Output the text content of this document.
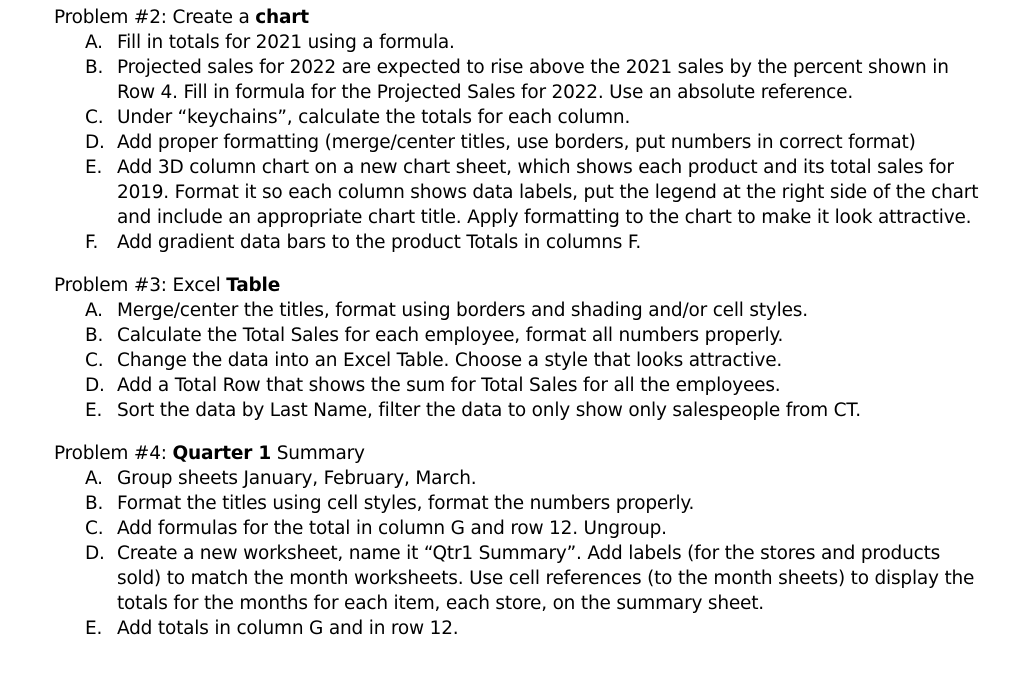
Problem #2: Create a chart
A. Fill in totals for 2021 using a formula.
B. Projected sales for 2022 are expected to rise above the 2021 sales by the percent shown in Row 4. Fill in formula for the Projected Sales for 2022. Use an absolute reference.
C. Under “keychains”, calculate the totals for each column.
D. Add proper formatting (merge/center titles, use borders, put numbers in correct format)
E. Add 3D column chart on a new chart sheet, which shows each product and its total sales for 2019. Format it so each column shows data labels, put the legend at the right side of the chart and include an appropriate chart title. Apply formatting to the chart to make it look attractive.
F.	Add gradient data bars to the product Totals in columns F.
Problem #3: Excel Table
A. Merge/center the titles, format using borders and shading and/or cell styles.
B. Calculate the Total Sales for each employee, format all numbers properly.
C. Change the data into an Excel Table. Choose a style that looks attractive.
D. Add a Total Row that shows the sum for Total Sales for all the employees.
E. Sort the data by Last Name, filter the data to only show only salespeople from CT.
Problem #4: Quarter 1 Summary
A. Group sheets January, February, March.
B. Format the titles using cell styles, format the numbers properly.
C. Add formulas for the total in column G and row 12. Ungroup.
D. Create a new worksheet, name it “Qtr1 Summary”. Add labels (for the stores and products sold) to match the month worksheets. Use cell references (to the month sheets) to display the totals for the months for each item, each store, on the summary sheet.
E. Add totals in column G and in row 12.
